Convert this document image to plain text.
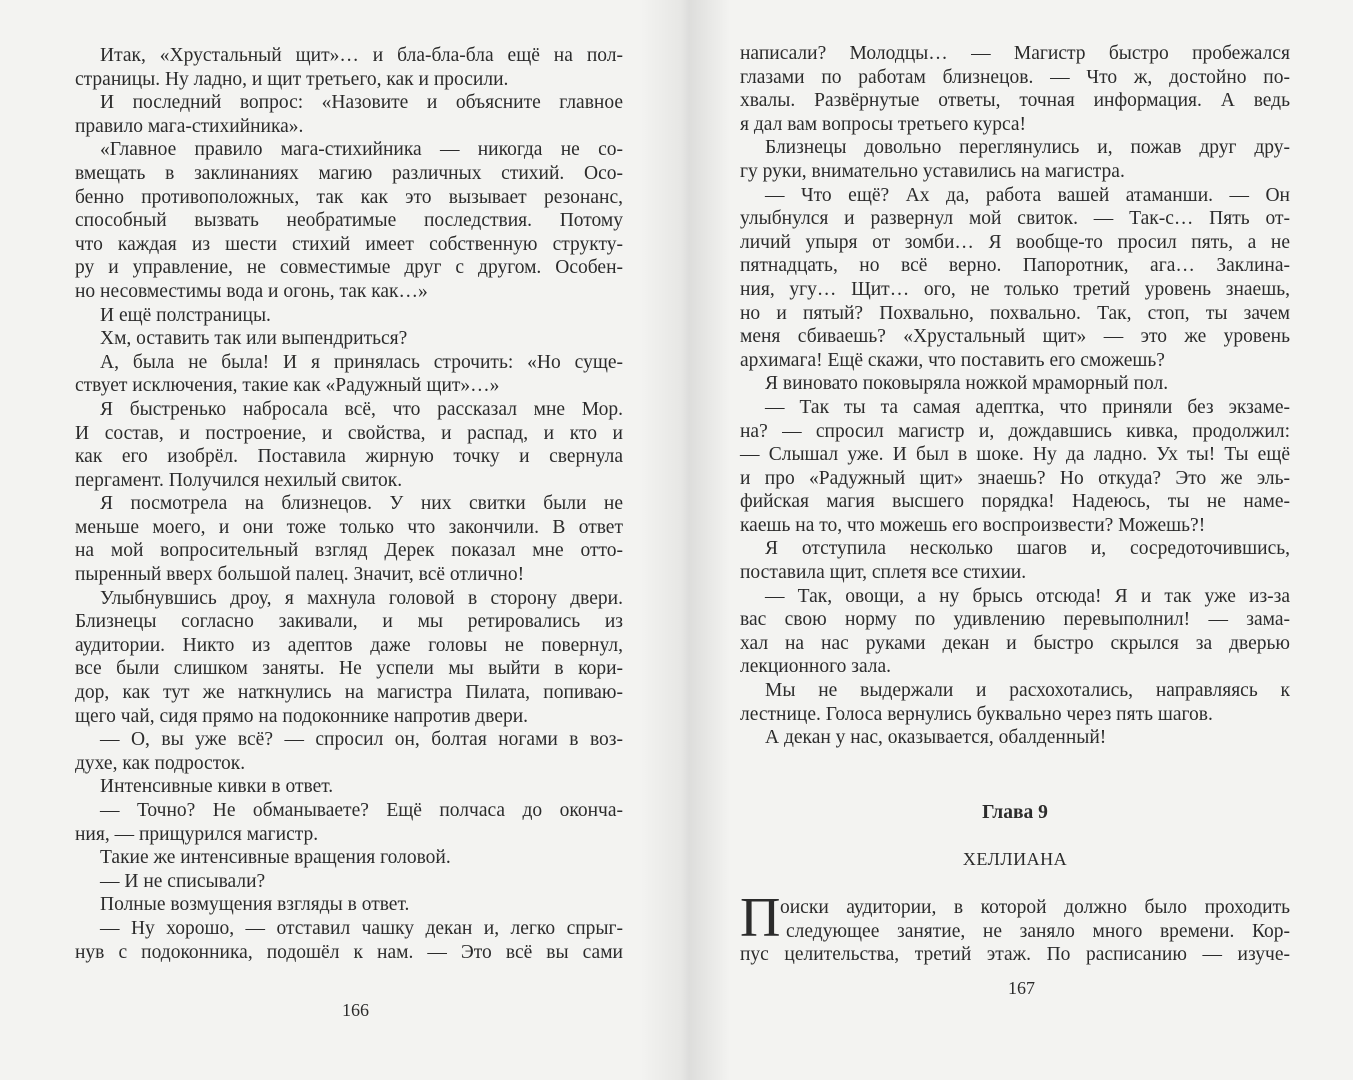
Итак, «Хрустальный щит»… и бла-бла-бла ещё на пол-
страницы. Ну ладно, и щит третьего, как и просили.
И последний вопрос: «Назовите и объясните главное
правило мага-стихийника».
«Главное правило мага-стихийника — никогда не со-
вмещать в заклинаниях магию различных стихий. Осо-
бенно противоположных, так как это вызывает резонанс,
способный вызвать необратимые последствия. Потому
что каждая из шести стихий имеет собственную структу-
ру и управление, не совместимые друг с другом. Особен-
но несовместимы вода и огонь, так как…»
И ещё полстраницы.
Хм, оставить так или выпендриться?
А, была не была! И я принялась строчить: «Но суще-
ствует исключения, такие как «Радужный щит»…»
Я быстренько набросала всё, что рассказал мне Мор.
И состав, и построение, и свойства, и распад, и кто и
как его изобрёл. Поставила жирную точку и свернула
пергамент. Получился нехилый свиток.
Я посмотрела на близнецов. У них свитки были не
меньше моего, и они тоже только что закончили. В ответ
на мой вопросительный взгляд Дерек показал мне отто-
пыренный вверх большой палец. Значит, всё отлично!
Улыбнувшись дроу, я махнула головой в сторону двери.
Близнецы согласно закивали, и мы ретировались из
аудитории. Никто из адептов даже головы не повернул,
все были слишком заняты. Не успели мы выйти в кори-
дор, как тут же наткнулись на магистра Пилата, попиваю-
щего чай, сидя прямо на подоконнике напротив двери.
— О, вы уже всё? — спросил он, болтая ногами в воз-
духе, как подросток.
Интенсивные кивки в ответ.
— Точно? Не обманываете? Ещё полчаса до оконча-
ния, — прищурился магистр.
Такие же интенсивные вращения головой.
— И не списывали?
Полные возмущения взгляды в ответ.
— Ну хорошо, — отставил чашку декан и, легко спрыг-
нув с подоконника, подошёл к нам. — Это всё вы сами
166
написали? Молодцы… — Магистр быстро пробежался
глазами по работам близнецов. — Что ж, достойно по-
хвалы. Развёрнутые ответы, точная информация. А ведь
я дал вам вопросы третьего курса!
Близнецы довольно переглянулись и, пожав друг дру-
гу руки, внимательно уставились на магистра.
— Что ещё? Ах да, работа вашей атаманши. — Он
улыбнулся и развернул мой свиток. — Так-с… Пять от-
личий упыря от зомби… Я вообще-то просил пять, а не
пятнадцать, но всё верно. Папоротник, ага… Заклина-
ния, угу… Щит… ого, не только третий уровень знаешь,
но и пятый? Похвально, похвально. Так, стоп, ты зачем
меня сбиваешь? «Хрустальный щит» — это же уровень
архимага! Ещё скажи, что поставить его сможешь?
Я виновато поковыряла ножкой мраморный пол.
— Так ты та самая адептка, что приняли без экзаме-
на? — спросил магистр и, дождавшись кивка, продолжил:
— Слышал уже. И был в шоке. Ну да ладно. Ух ты! Ты ещё
и про «Радужный щит» знаешь? Но откуда? Это же эль-
фийская магия высшего порядка! Надеюсь, ты не наме-
каешь на то, что можешь его воспроизвести? Можешь?!
Я отступила несколько шагов и, сосредоточившись,
поставила щит, сплетя все стихии.
— Так, овощи, а ну брысь отсюда! Я и так уже из-за
вас свою норму по удивлению перевыполнил! — зама-
хал на нас руками декан и быстро скрылся за дверью
лекционного зала.
Мы не выдержали и расхохотались, направляясь к
лестнице. Голоса вернулись буквально через пять шагов.
А декан у нас, оказывается, обалденный!
Глава 9
ХЕЛЛИАНА
П оиски аудитории, в которой должно было проходить
следующее занятие, не заняло много времени. Кор-
пус целительства, третий этаж. По расписанию — изуче-
167
